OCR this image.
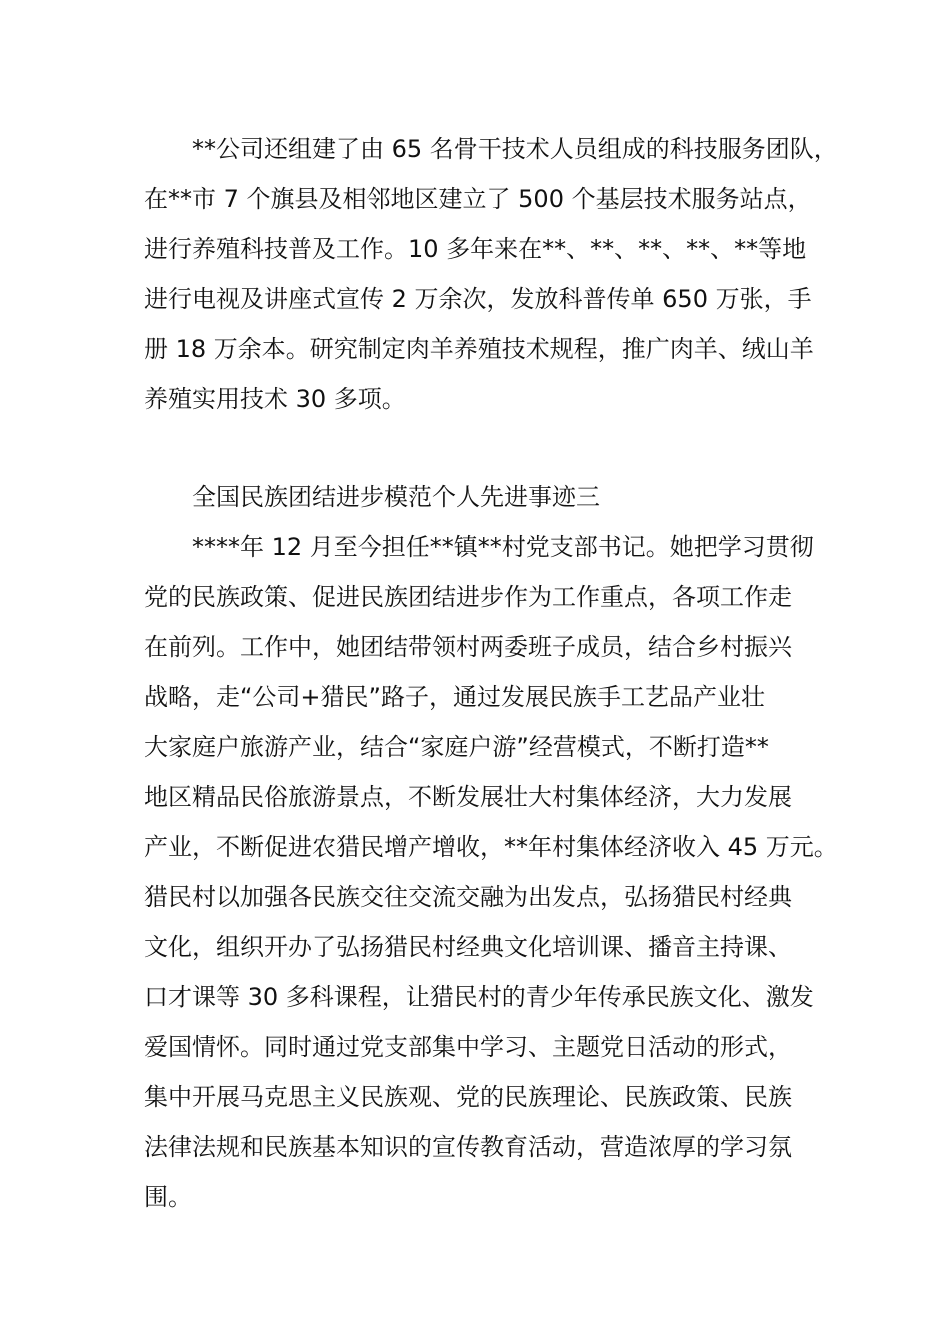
**公司还组建了由 65 名骨干技术人员组成的科技服务团队，
在**市 7 个旗县及相邻地区建立了 500 个基层技术服务站点，
进行养殖科技普及工作。10 多年来在**、**、**、**、**等地
进行电视及讲座式宣传 2 万余次，发放科普传单 650 万张，手
册 18 万余本。研究制定肉羊养殖技术规程，推广肉羊、绒山羊
养殖实用技术 30 多项。
全国民族团结进步模范个人先进事迹三
****年 12 月至今担任**镇**村党支部书记。她把学习贯彻
党的民族政策、促进民族团结进步作为工作重点，各项工作走
在前列。工作中，她团结带领村两委班子成员，结合乡村振兴
战略，走“公司+猎民”路子，通过发展民族手工艺品产业壮
大家庭户旅游产业，结合“家庭户游”经营模式，不断打造**
地区精品民俗旅游景点，不断发展壮大村集体经济，大力发展
产业，不断促进农猎民增产增收，**年村集体经济收入 45 万元。
猎民村以加强各民族交往交流交融为出发点，弘扬猎民村经典
文化，组织开办了弘扬猎民村经典文化培训课、播音主持课、
口才课等 30 多科课程，让猎民村的青少年传承民族文化、激发
爱国情怀。同时通过党支部集中学习、主题党日活动的形式，
集中开展马克思主义民族观、党的民族理论、民族政策、民族
法律法规和民族基本知识的宣传教育活动，营造浓厚的学习氛
围。
